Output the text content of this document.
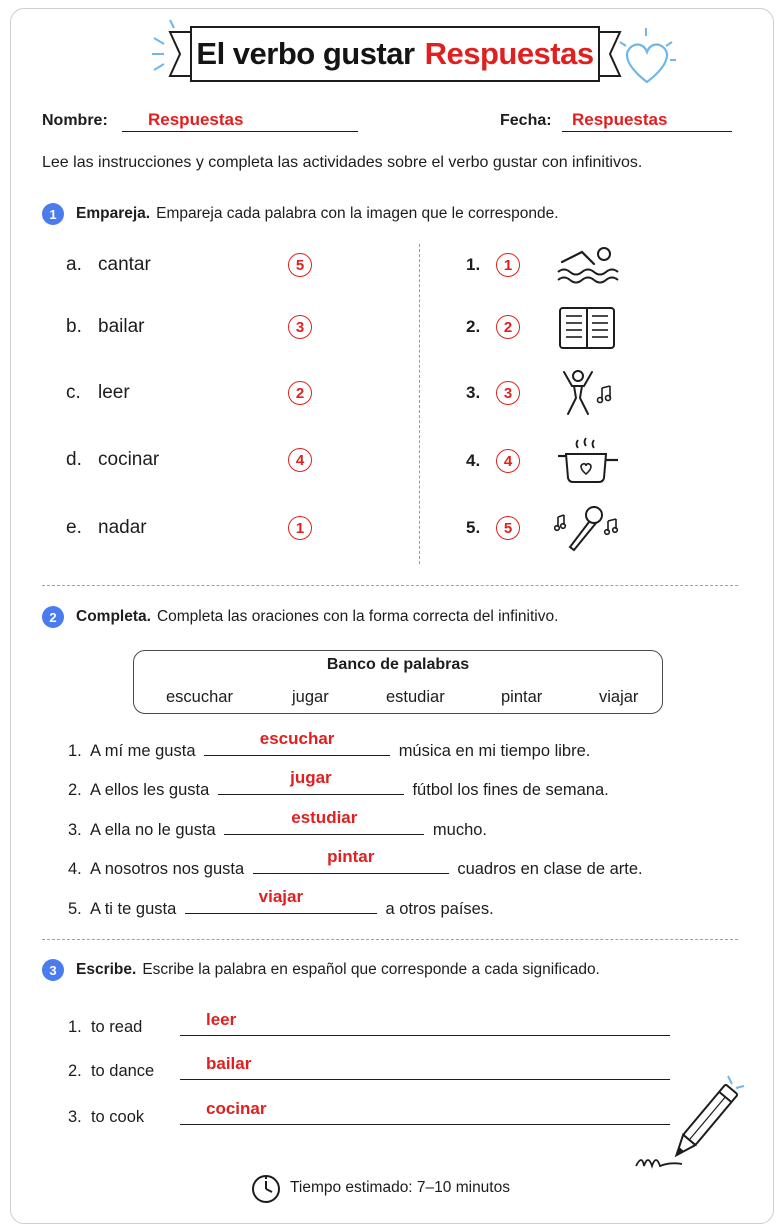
El verbo gustar Respuestas
Nombre: Respuestas	Fecha: Respuestas
Lee las instrucciones y completa las actividades sobre el verbo gustar con infinitivos.
1	Empareja. Empareja cada palabra con la imagen que le corresponde.
a. cantar	5
b. bailar	3
c. leer	2
d. cocinar	4
e. nadar	1
1.	1
2.	2
3.	3
4.	4
5.	5
2	Completa. Completa las oraciones con la forma correcta del infinitivo.
Banco de palabras
escuchar	jugar	estudiar	pintar	viajar
1. A mí me gusta
escuchar
música en mi tiempo libre.
2. A ellos les gusta
jugar
fútbol los fines de semana.
3. A ella no le gusta
estudiar
mucho.
4. A nosotros nos gusta
pintar
cuadros en clase de arte.
5. A ti te gusta
viajar
a otros países.
3	Escribe. Escribe la palabra en español que corresponde a cada significado.
1. to read	leer
2. to dance	bailar
3. to cook	cocinar
Tiempo estimado: 7–10 minutos
